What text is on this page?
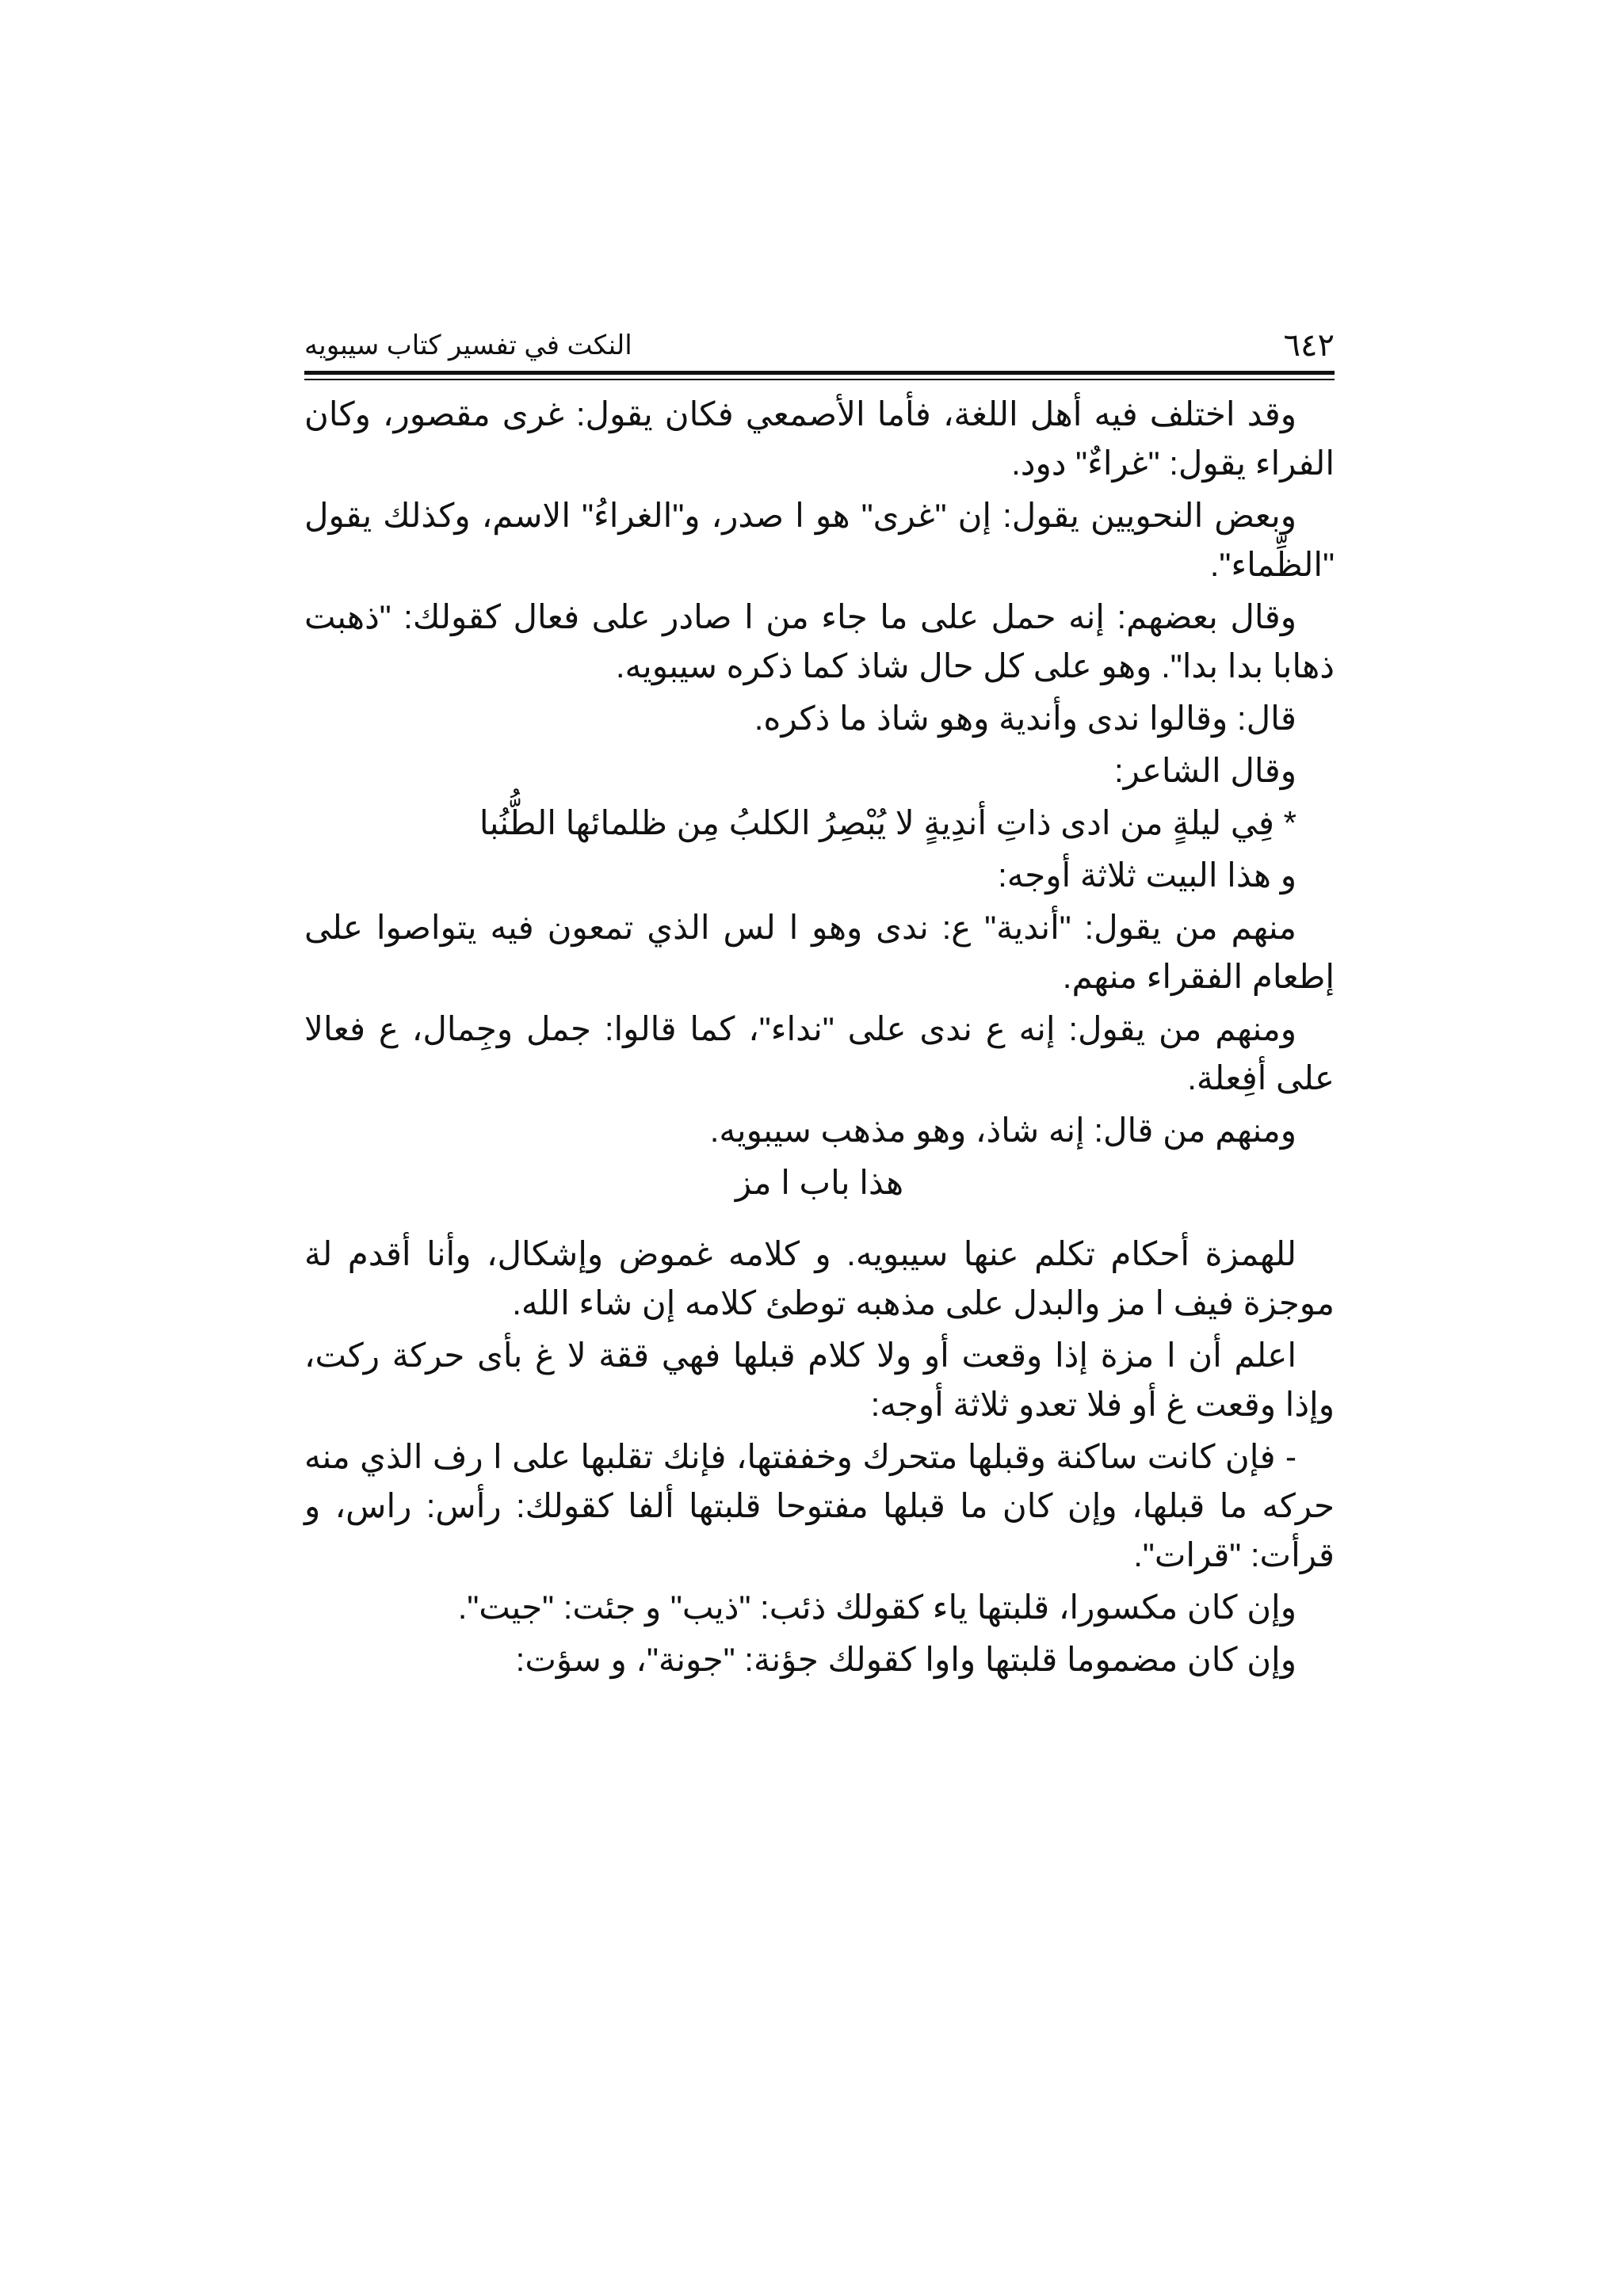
٦٤٢
النكت في تفسير كتاب سيبويه

وقد اختلف فيه أهل اللغة، فأما الأصمعي فكان يقول: غرى مقصور، وكان الفراء يقول: "غراءٌ" دود.

وبعض النحويين يقول: إن "غرى" هو ا صدر، و"الغراءُ" الاسم، وكذلك يقول "الظِّماء".

وقال بعضهم: إنه حمل على ما جاء من ا صادر على فعال كقولك: "ذهبت ذهابا بدا بدا". وهو على كل حال شاذ كما ذكره سيبويه.

قال: وقالوا ندى وأندية وهو شاذ ما ذكره.

وقال الشاعر:

* فِي ليلةٍ من ادى ذاتِ أندِيةٍ لا يُبْصِرُ الكلبُ مِن ظلمائها الطُّنُبا

و هذا البيت ثلاثة أوجه:

منهم من يقول: "أندية" ع: ندى وهو ا لس الذي تمعون فيه يتواصوا على إطعام الفقراء منهم.

ومنهم من يقول: إنه ع ندى على "نداء"، كما قالوا: جمل وجِمال، ع فعالا على أفِعلة.

ومنهم من قال: إنه شاذ، وهو مذهب سيبويه.

هذا باب ا مز

للهمزة أحكام تكلم عنها سيبويه. و كلامه غموض وإشكال، وأنا أقدم لة موجزة فيف ا مز والبدل على مذهبه توطئ كلامه إن شاء الله.

اعلم أن ا مزة إذا وقعت أو ولا كلام قبلها فهي ققة لا غ بأى حركة ركت، وإذا وقعت غ أو فلا تعدو ثلاثة أوجه:

- فإن كانت ساكنة وقبلها متحرك وخففتها، فإنك تقلبها على ا رف الذي منه حركه ما قبلها، وإن كان ما قبلها مفتوحا قلبتها ألفا كقولك: رأس: راس، و قرأت: "قرات".

وإن كان مكسورا، قلبتها ياء كقولك ذئب: "ذيب" و جئت: "جيت".

وإن كان مضموما قلبتها واوا كقولك جؤنة: "جونة"، و سؤت:
